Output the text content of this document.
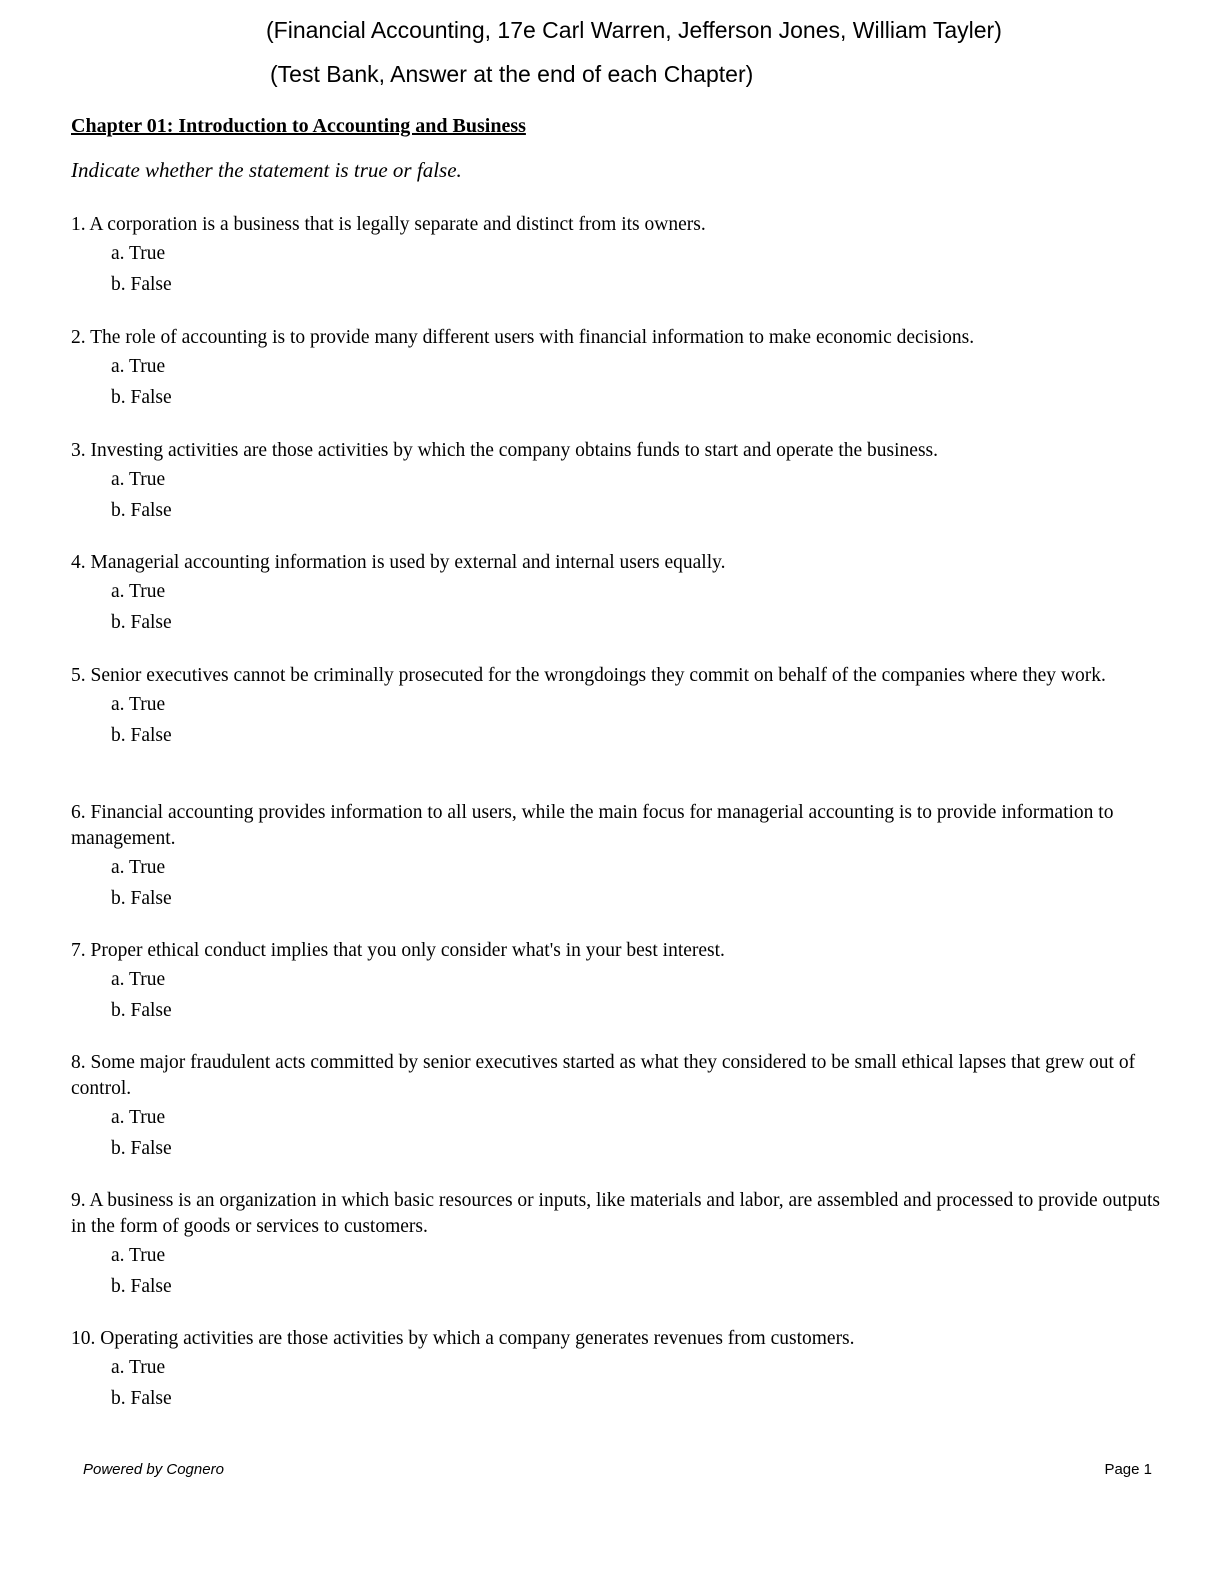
(Financial Accounting, 17e Carl Warren, Jefferson Jones, William Tayler)
(Test Bank, Answer at the end of each Chapter)
Chapter 01: Introduction to Accounting and Business
Indicate whether the statement is true or false.

1. A corporation is a business that is legally separate and distinct from its owners.

a. True
b. False

2. The role of accounting is to provide many different users with financial information to make economic decisions.

a. True
b. False

3. Investing activities are those activities by which the company obtains funds to start and operate the business.

a. True
b. False

4. Managerial accounting information is used by external and internal users equally.

a. True
b. False

5. Senior executives cannot be criminally prosecuted for the wrongdoings they commit on behalf of the companies where they work.

a. True
b. False

6. Financial accounting provides information to all users, while the main focus for managerial accounting is to provide information to management.

a. True
b. False

7. Proper ethical conduct implies that you only consider what's in your best interest.

a. True
b. False

8. Some major fraudulent acts committed by senior executives started as what they considered to be small ethical lapses that grew out of control.

a. True
b. False

9. A business is an organization in which basic resources or inputs, like materials and labor, are assembled and processed to provide outputs in the form of goods or services to customers.

a. True
b. False

10. Operating activities are those activities by which a company generates revenues from customers.

a. True
b. False
Powered by Cognero	Page 1
